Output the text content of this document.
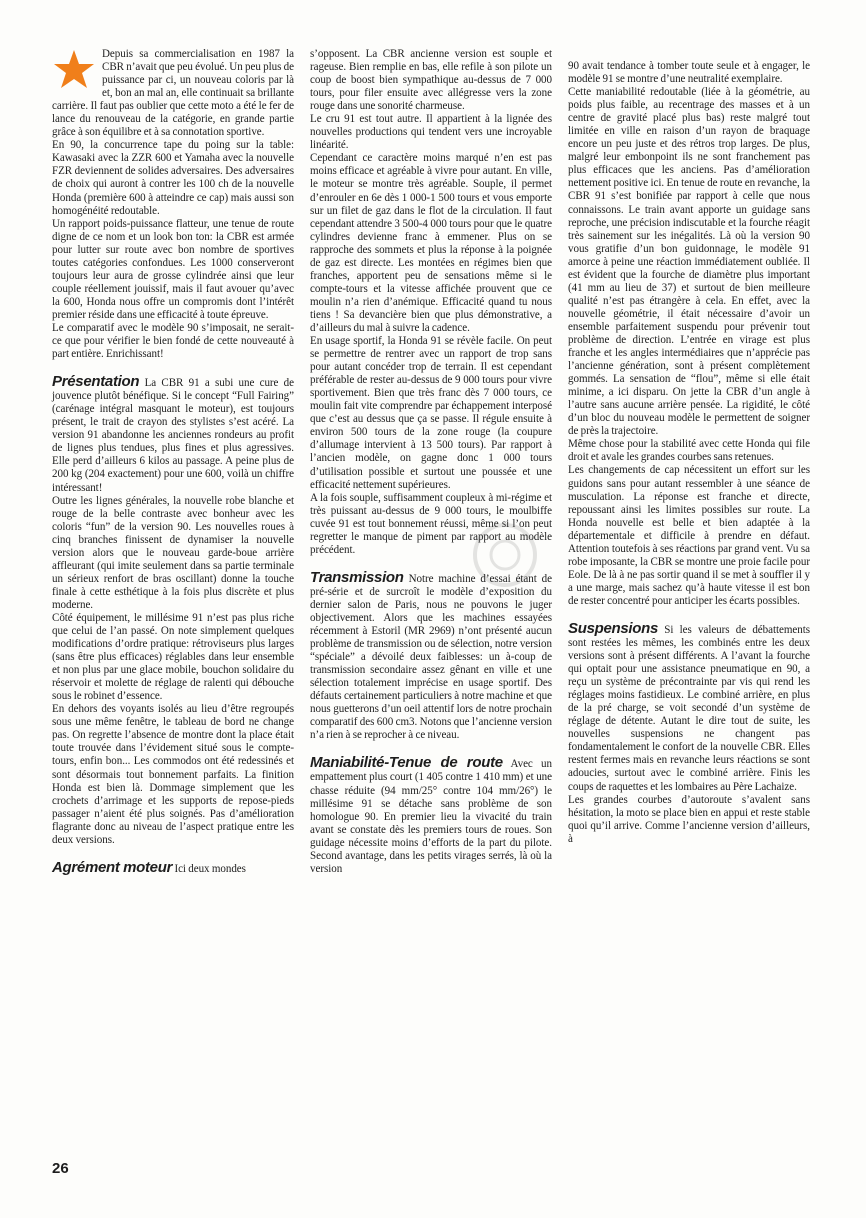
Depuis sa commercialisation en 1987 la CBR n’avait que peu évolué. Un peu plus de puissance par ci, un nouveau coloris par là et, bon an mal an, elle continuait sa brillante carrière. Il faut pas oublier que cette moto a été le fer de lance du renouveau de la catégorie, en grande partie grâce à son équilibre et à sa connotation sportive.

En 90, la concurrence tape du poing sur la table: Kawasaki avec la ZZR 600 et Yamaha avec la nouvelle FZR deviennent de solides adversaires. Des adversaires de choix qui auront à contrer les 100 ch de la nouvelle Honda (première 600 à atteindre ce cap) mais aussi son homogénéité redoutable.

Un rapport poids-puissance flatteur, une tenue de route digne de ce nom et un look bon ton: la CBR est armée pour lutter sur route avec bon nombre de sportives toutes catégories confondues. Les 1000 conserveront toujours leur aura de grosse cylindrée ainsi que leur couple réellement jouissif, mais il faut avouer qu’avec la 600, Honda nous offre un compromis dont l’intérêt premier réside dans une efficacité à toute épreuve.

Le comparatif avec le modèle 90 s’imposait, ne serait-ce que pour vérifier le bien fondé de cette nouveauté à part entière. Enrichissant!

Présentation La CBR 91 a subi une cure de jouvence plutôt bénéfique. Si le concept “Full Fairing” (carénage intégral masquant le moteur), est toujours présent, le trait de crayon des stylistes s’est acéré. La version 91 abandonne les anciennes rondeurs au profit de lignes plus tendues, plus fines et plus agressives. Elle perd d’ailleurs 6 kilos au passage. A peine plus de 200 kg (204 exactement) pour une 600, voilà un chiffre intéressant!

Outre les lignes générales, la nouvelle robe blanche et rouge de la belle contraste avec bonheur avec les coloris “fun” de la version 90. Les nouvelles roues à cinq branches finissent de dynamiser la nouvelle version alors que le nouveau garde-boue arrière affleurant (qui imite seulement dans sa partie terminale un sérieux renfort de bras oscillant) donne la touche finale à cette esthétique à la fois plus discrète et plus moderne.

Côté équipement, le millésime 91 n’est pas plus riche que celui de l’an passé. On note simplement quelques modifications d’ordre pratique: rétroviseurs plus larges (sans être plus efficaces) réglables dans leur ensemble et non plus par une glace mobile, bouchon solidaire du réservoir et molette de réglage de ralenti qui débouche sous le robinet d’essence.

En dehors des voyants isolés au lieu d’être regroupés sous une même fenêtre, le tableau de bord ne change pas. On regrette l’absence de montre dont la place était toute trouvée dans l’évidement situé sous le compte-tours, enfin bon... Les commodos ont été redessinés et sont désormais tout bonnement parfaits. La finition Honda est bien là. Dommage simplement que les crochets d’arrimage et les supports de repose-pieds passager n’aient été plus soignés. Pas d’amélioration flagrante donc au niveau de l’aspect pratique entre les deux versions.

Agrément moteur Ici deux mondes

s’opposent. La CBR ancienne version est souple et rageuse. Bien remplie en bas, elle refile à son pilote un coup de boost bien sympathique au-dessus de 7 000 tours, pour filer ensuite avec allégresse vers la zone rouge dans une sonorité charmeuse.

Le cru 91 est tout autre. Il appartient à la lignée des nouvelles productions qui tendent vers une incroyable linéarité.

Cependant ce caractère moins marqué n’en est pas moins efficace et agréable à vivre pour autant. En ville, le moteur se montre très agréable. Souple, il permet d’enrouler en 6e dès 1 000-1 500 tours et vous emporte sur un filet de gaz dans le flot de la circulation. Il faut cependant attendre 3 500-4 000 tours pour que le quatre cylindres devienne franc à emmener. Plus on se rapproche des sommets et plus la réponse à la poignée de gaz est directe. Les montées en régimes bien que franches, apportent peu de sensations même si le compte-tours et la vitesse affichée prouvent que ce moulin n’a rien d’anémique. Efficacité quand tu nous tiens ! Sa devancière bien que plus démonstrative, a d’ailleurs du mal à suivre la cadence.

En usage sportif, la Honda 91 se révèle facile. On peut se permettre de rentrer avec un rapport de trop sans pour autant concéder trop de terrain. Il est cependant préférable de rester au-dessus de 9 000 tours pour vivre sportivement. Bien que très franc dès 7 000 tours, ce moulin fait vite comprendre par échappement interposé que c’est au dessus que ça se passe. Il régule ensuite à environ 500 tours de la zone rouge (la coupure d’allumage intervient à 13 500 tours). Par rapport à l’ancien modèle, on gagne donc 1 000 tours d’utilisation possible et surtout une poussée et une efficacité nettement supérieures.

A la fois souple, suffisamment coupleux à mi-régime et très puissant au-dessus de 9 000 tours, le moulbiffe cuvée 91 est tout bonnement réussi, même si l’on peut regretter le manque de piment par rapport au modèle précédent.

Transmission Notre machine d’essai étant de pré-série et de surcroît le modèle d’exposition du dernier salon de Paris, nous ne pouvons le juger objectivement. Alors que les machines essayées récemment à Estoril (MR 2969) n’ont présenté aucun problème de transmission ou de sélection, notre version “spéciale” a dévoilé deux faiblesses: un à-coup de transmission secondaire assez gênant en ville et une sélection totalement imprécise en usage sportif. Des défauts certainement particuliers à notre machine et que nous guetterons d’un oeil attentif lors de notre prochain comparatif des 600 cm3. Notons que l’ancienne version n’a rien à se reprocher à ce niveau.

Maniabilité-Tenue de route Avec un empattement plus court (1 405 contre 1 410 mm) et une chasse réduite (94 mm/25° contre 104 mm/26°) le millésime 91 se détache sans problème de son homologue 90. En premier lieu la vivacité du train avant se constate dès les premiers tours de roues. Son guidage nécessite moins d’efforts de la part du pilote. Second avantage, dans les petits virages serrés, là où la version

90 avait tendance à tomber toute seule et à engager, le modèle 91 se montre d’une neutralité exemplaire.

Cette maniabilité redoutable (liée à la géométrie, au poids plus faible, au recentrage des masses et à un centre de gravité placé plus bas) reste malgré tout limitée en ville en raison d’un rayon de braquage encore un peu juste et des rétros trop larges. De plus, malgré leur embonpoint ils ne sont franchement pas plus efficaces que les anciens. Pas d’amélioration nettement positive ici. En tenue de route en revanche, la CBR 91 s’est bonifiée par rapport à celle que nous connaissons. Le train avant apporte un guidage sans reproche, une précision indiscutable et la fourche réagit très sainement sur les inégalités. Là où la version 90 vous gratifie d’un bon guidonnage, le modèle 91 amorce à peine une réaction immédiatement oubliée. Il est évident que la fourche de diamètre plus important (41 mm au lieu de 37) et surtout de bien meilleure qualité n’est pas étrangère à cela. En effet, avec la nouvelle géométrie, il était nécessaire d’avoir un ensemble parfaitement suspendu pour prévenir tout problème de direction. L’entrée en virage est plus franche et les angles intermédiaires que n’apprécie pas l’ancienne génération, sont à présent complètement gommés. La sensation de “flou”, même si elle était minime, a ici disparu. On jette la CBR d’un angle à l’autre sans aucune arrière pensée. La rigidité, le côté d’un bloc du nouveau modèle le permettent de soigner de près la trajectoire.

Même chose pour la stabilité avec cette Honda qui file droit et avale les grandes courbes sans retenues.

Les changements de cap nécessitent un effort sur les guidons sans pour autant ressembler à une séance de musculation. La réponse est franche et directe, repoussant ainsi les limites possibles sur route. La Honda nouvelle est belle et bien adaptée à la départementale et difficile à prendre en défaut. Attention toutefois à ses réactions par grand vent. Vu sa robe imposante, la CBR se montre une proie facile pour Eole. De là à ne pas sortir quand il se met à souffler il y a une marge, mais sachez qu’à haute vitesse il est bon de rester concentré pour anticiper les écarts possibles.

Suspensions Si les valeurs de débattements sont restées les mêmes, les combinés entre les deux versions sont à présent différents. A l’avant la fourche qui optait pour une assistance pneumatique en 90, a reçu un système de précontrainte par vis qui rend les réglages moins fastidieux. Le combiné arrière, en plus de la pré charge, se voit secondé d’un système de réglage de détente. Autant le dire tout de suite, les nouvelles suspensions ne changent pas fondamentalement le confort de la nouvelle CBR. Elles restent fermes mais en revanche leurs réactions se sont adoucies, surtout avec le combiné arrière. Finis les coups de raquettes et les lombaires au Père Lachaize.

Les grandes courbes d’autoroute s’avalent sans hésitation, la moto se place bien en appui et reste stable quoi qu’il arrive. Comme l’ancienne version d’ailleurs, à

26
